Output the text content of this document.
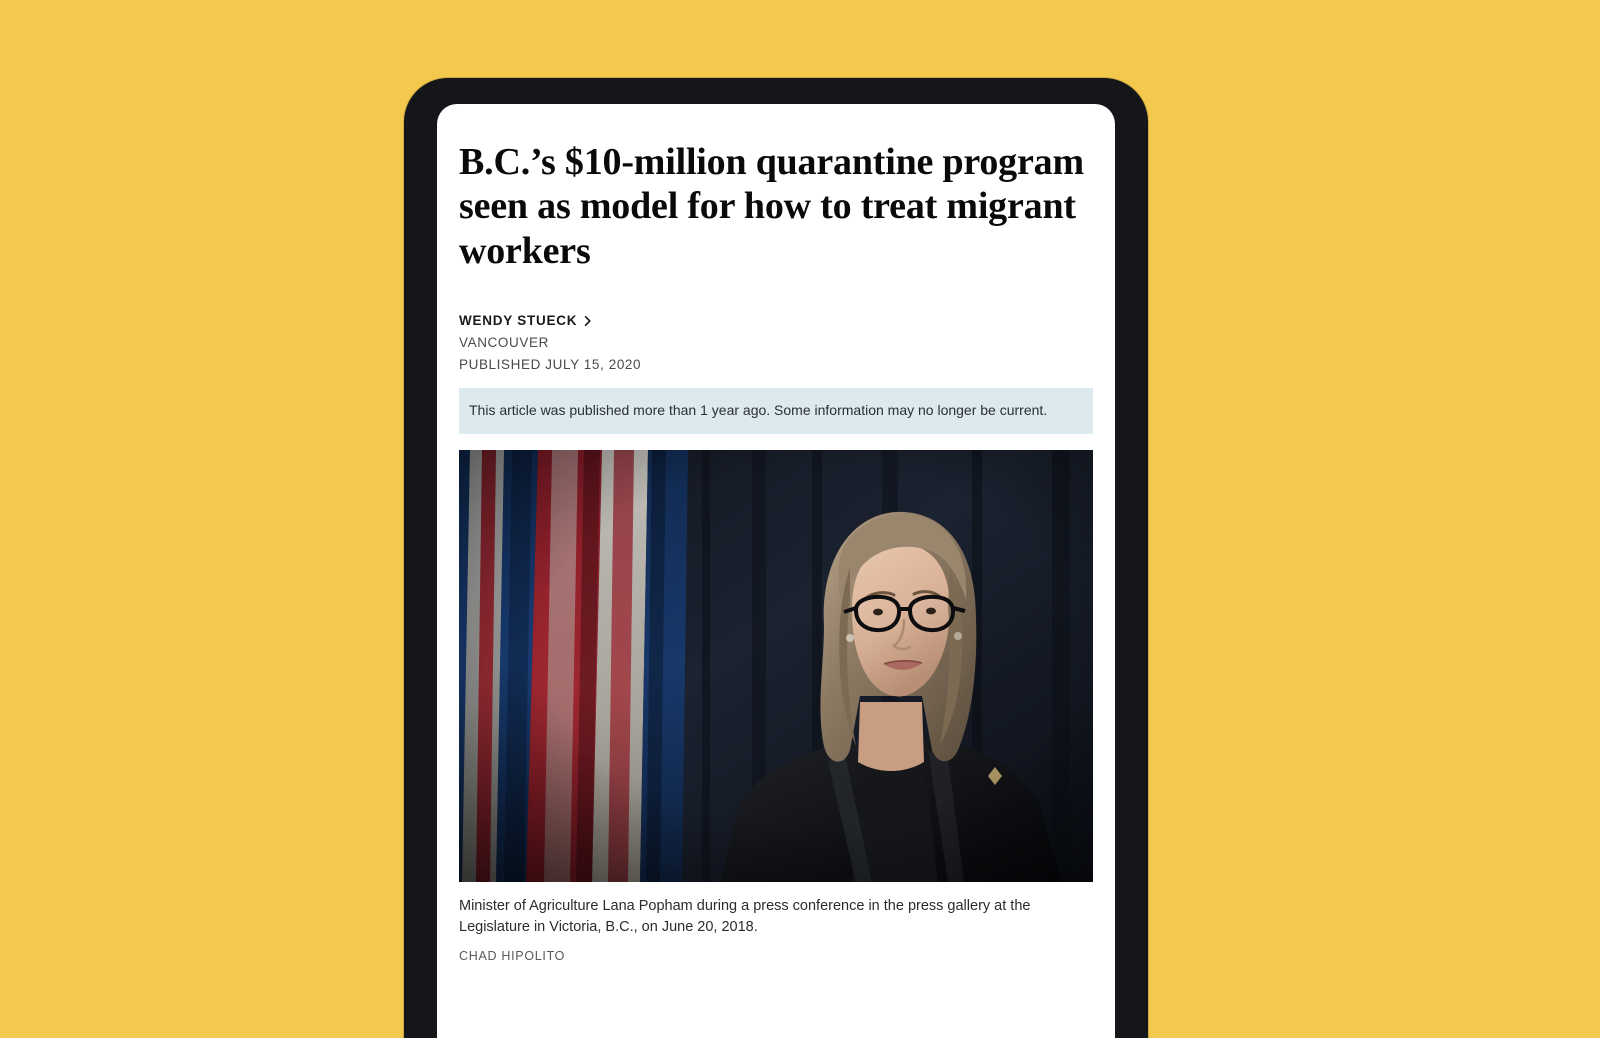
B.C.’s $10-million quarantine program seen as model for how to treat migrant workers
WENDY STUECK
VANCOUVER
PUBLISHED JULY 15, 2020
This article was published more than 1 year ago. Some information may no longer be current.
Minister of Agriculture Lana Popham during a press conference in the press gallery at the Legislature in Victoria, B.C., on June 20, 2018.
CHAD HIPOLITO
